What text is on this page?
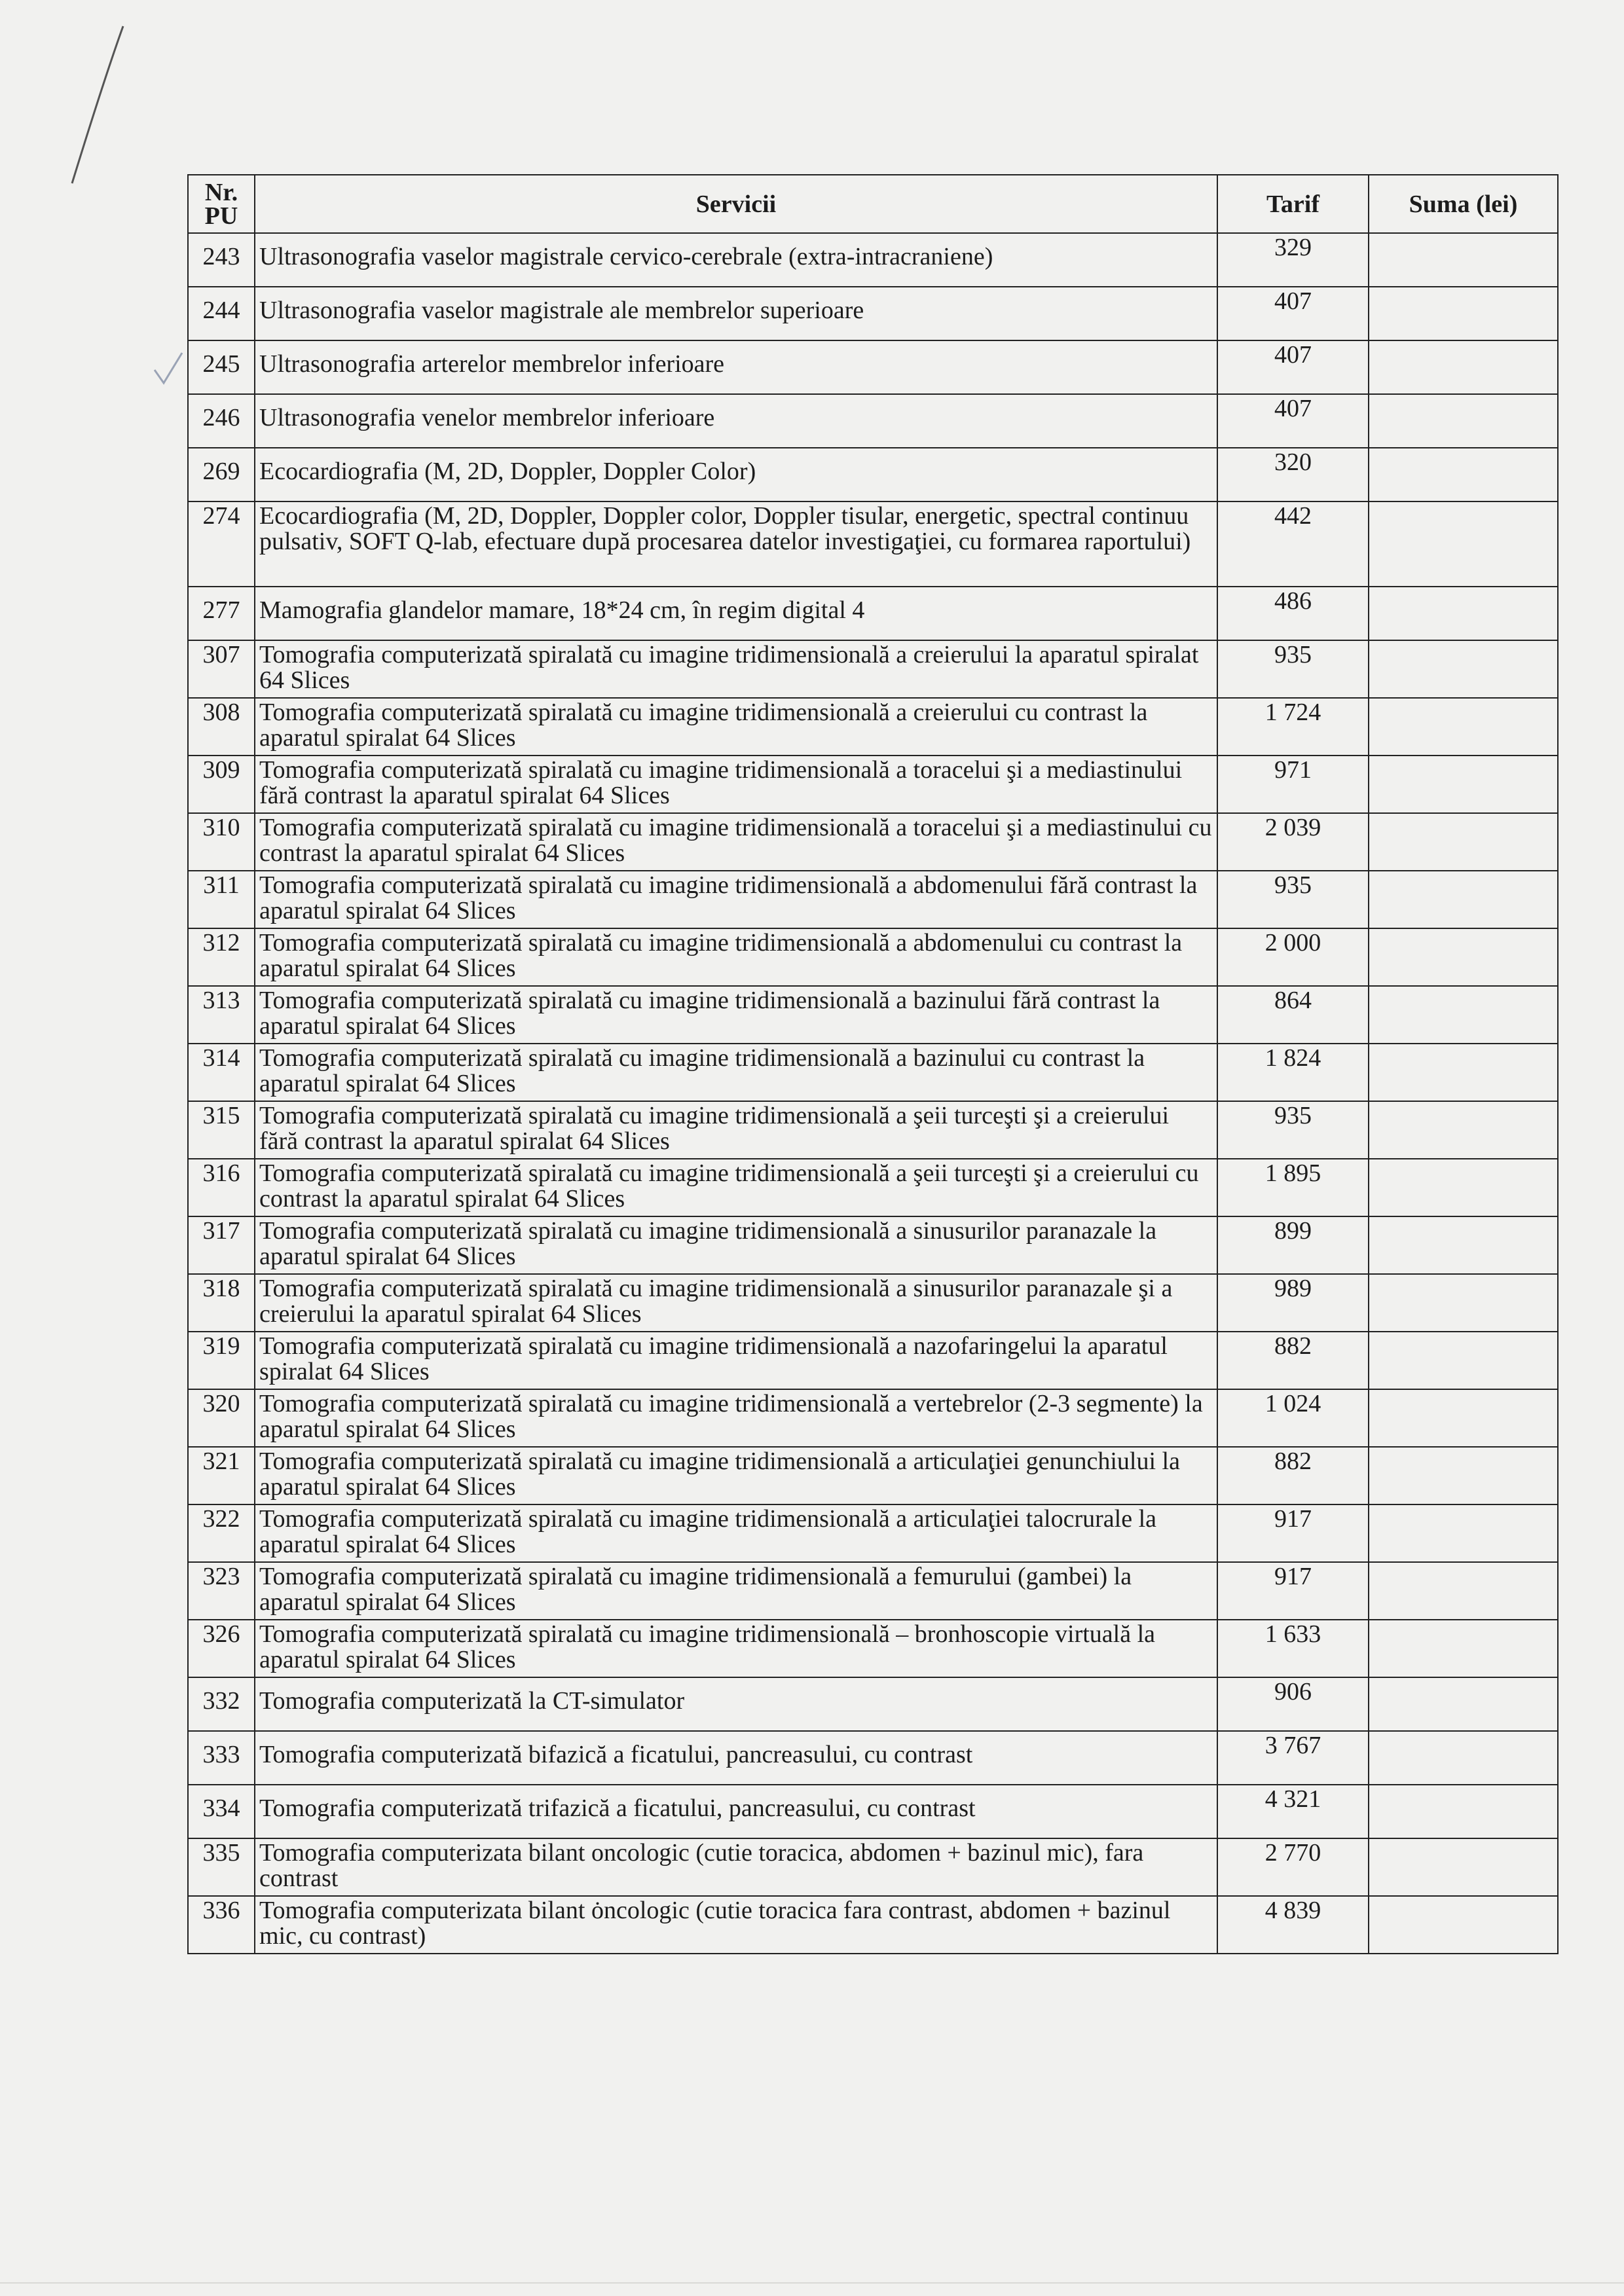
Nr.
PU	Servicii	Tarif	Suma (lei)
243	Ultrasonografia vaselor magistrale cervico-cerebrale (extra-intracraniene)	329	
244	Ultrasonografia vaselor magistrale ale membrelor superioare	407	
245	Ultrasonografia arterelor membrelor inferioare	407	
246	Ultrasonografia venelor membrelor inferioare	407	
269	Ecocardiografia (M, 2D, Doppler, Doppler Color)	320	
274	Ecocardiografia (M, 2D, Doppler, Doppler color, Doppler tisular, energetic, spectral continuu pulsativ, SOFT Q-lab, efectuare după procesarea datelor investigaţiei, cu formarea raportului)	442	
277	Mamografia glandelor mamare, 18*24 cm, în regim digital 4	486	
307	Tomografia computerizată spiralată cu imagine tridimensională a creierului la aparatul spiralat 64 Slices	935	
308	Tomografia computerizată spiralată cu imagine tridimensională a creierului cu contrast la aparatul spiralat 64 Slices	1 724	
309	Tomografia computerizată spiralată cu imagine tridimensională a toracelui şi a mediastinului fără contrast la aparatul spiralat 64 Slices	971	
310	Tomografia computerizată spiralată cu imagine tridimensională a toracelui şi a mediastinului cu contrast la aparatul spiralat 64 Slices	2 039	
311	Tomografia computerizată spiralată cu imagine tridimensională a abdomenului fără contrast la aparatul spiralat 64 Slices	935	
312	Tomografia computerizată spiralată cu imagine tridimensională a abdomenului cu contrast la aparatul spiralat 64 Slices	2 000	
313	Tomografia computerizată spiralată cu imagine tridimensională a bazinului fără contrast la aparatul spiralat 64 Slices	864	
314	Tomografia computerizată spiralată cu imagine tridimensională a bazinului cu contrast la aparatul spiralat 64 Slices	1 824	
315	Tomografia computerizată spiralată cu imagine tridimensională a şeii turceşti şi a creierului fără contrast la aparatul spiralat 64 Slices	935	
316	Tomografia computerizată spiralată cu imagine tridimensională a şeii turceşti şi a creierului cu contrast la aparatul spiralat 64 Slices	1 895	
317	Tomografia computerizată spiralată cu imagine tridimensională a sinusurilor paranazale la aparatul spiralat 64 Slices	899	
318	Tomografia computerizată spiralată cu imagine tridimensională a sinusurilor paranazale şi a creierului la aparatul spiralat 64 Slices	989	
319	Tomografia computerizată spiralată cu imagine tridimensională a nazofaringelui la aparatul spiralat 64 Slices	882	
320	Tomografia computerizată spiralată cu imagine tridimensională a vertebrelor (2-3 segmente) la aparatul spiralat 64 Slices	1 024	
321	Tomografia computerizată spiralată cu imagine tridimensională a articulaţiei genunchiului la aparatul spiralat 64 Slices	882	
322	Tomografia computerizată spiralată cu imagine tridimensională a articulaţiei talocrurale la aparatul spiralat 64 Slices	917	
323	Tomografia computerizată spiralată cu imagine tridimensională a femurului (gambei) la aparatul spiralat 64 Slices	917	
326	Tomografia computerizată spiralată cu imagine tridimensională – bronhoscopie virtuală la aparatul spiralat 64 Slices	1 633	
332	Tomografia computerizată la CT-simulator	906	
333	Tomografia computerizată bifazică a ficatului, pancreasului, cu contrast	3 767	
334	Tomografia computerizată trifazică a ficatului, pancreasului, cu contrast	4 321	
335	Tomografia computerizata bilant oncologic (cutie toracica, abdomen + bazinul mic), fara contrast	2 770	
336	Tomografia computerizata bilant ȯncologic (cutie toracica fara contrast, abdomen + bazinul mic, cu contrast)	4 839	
